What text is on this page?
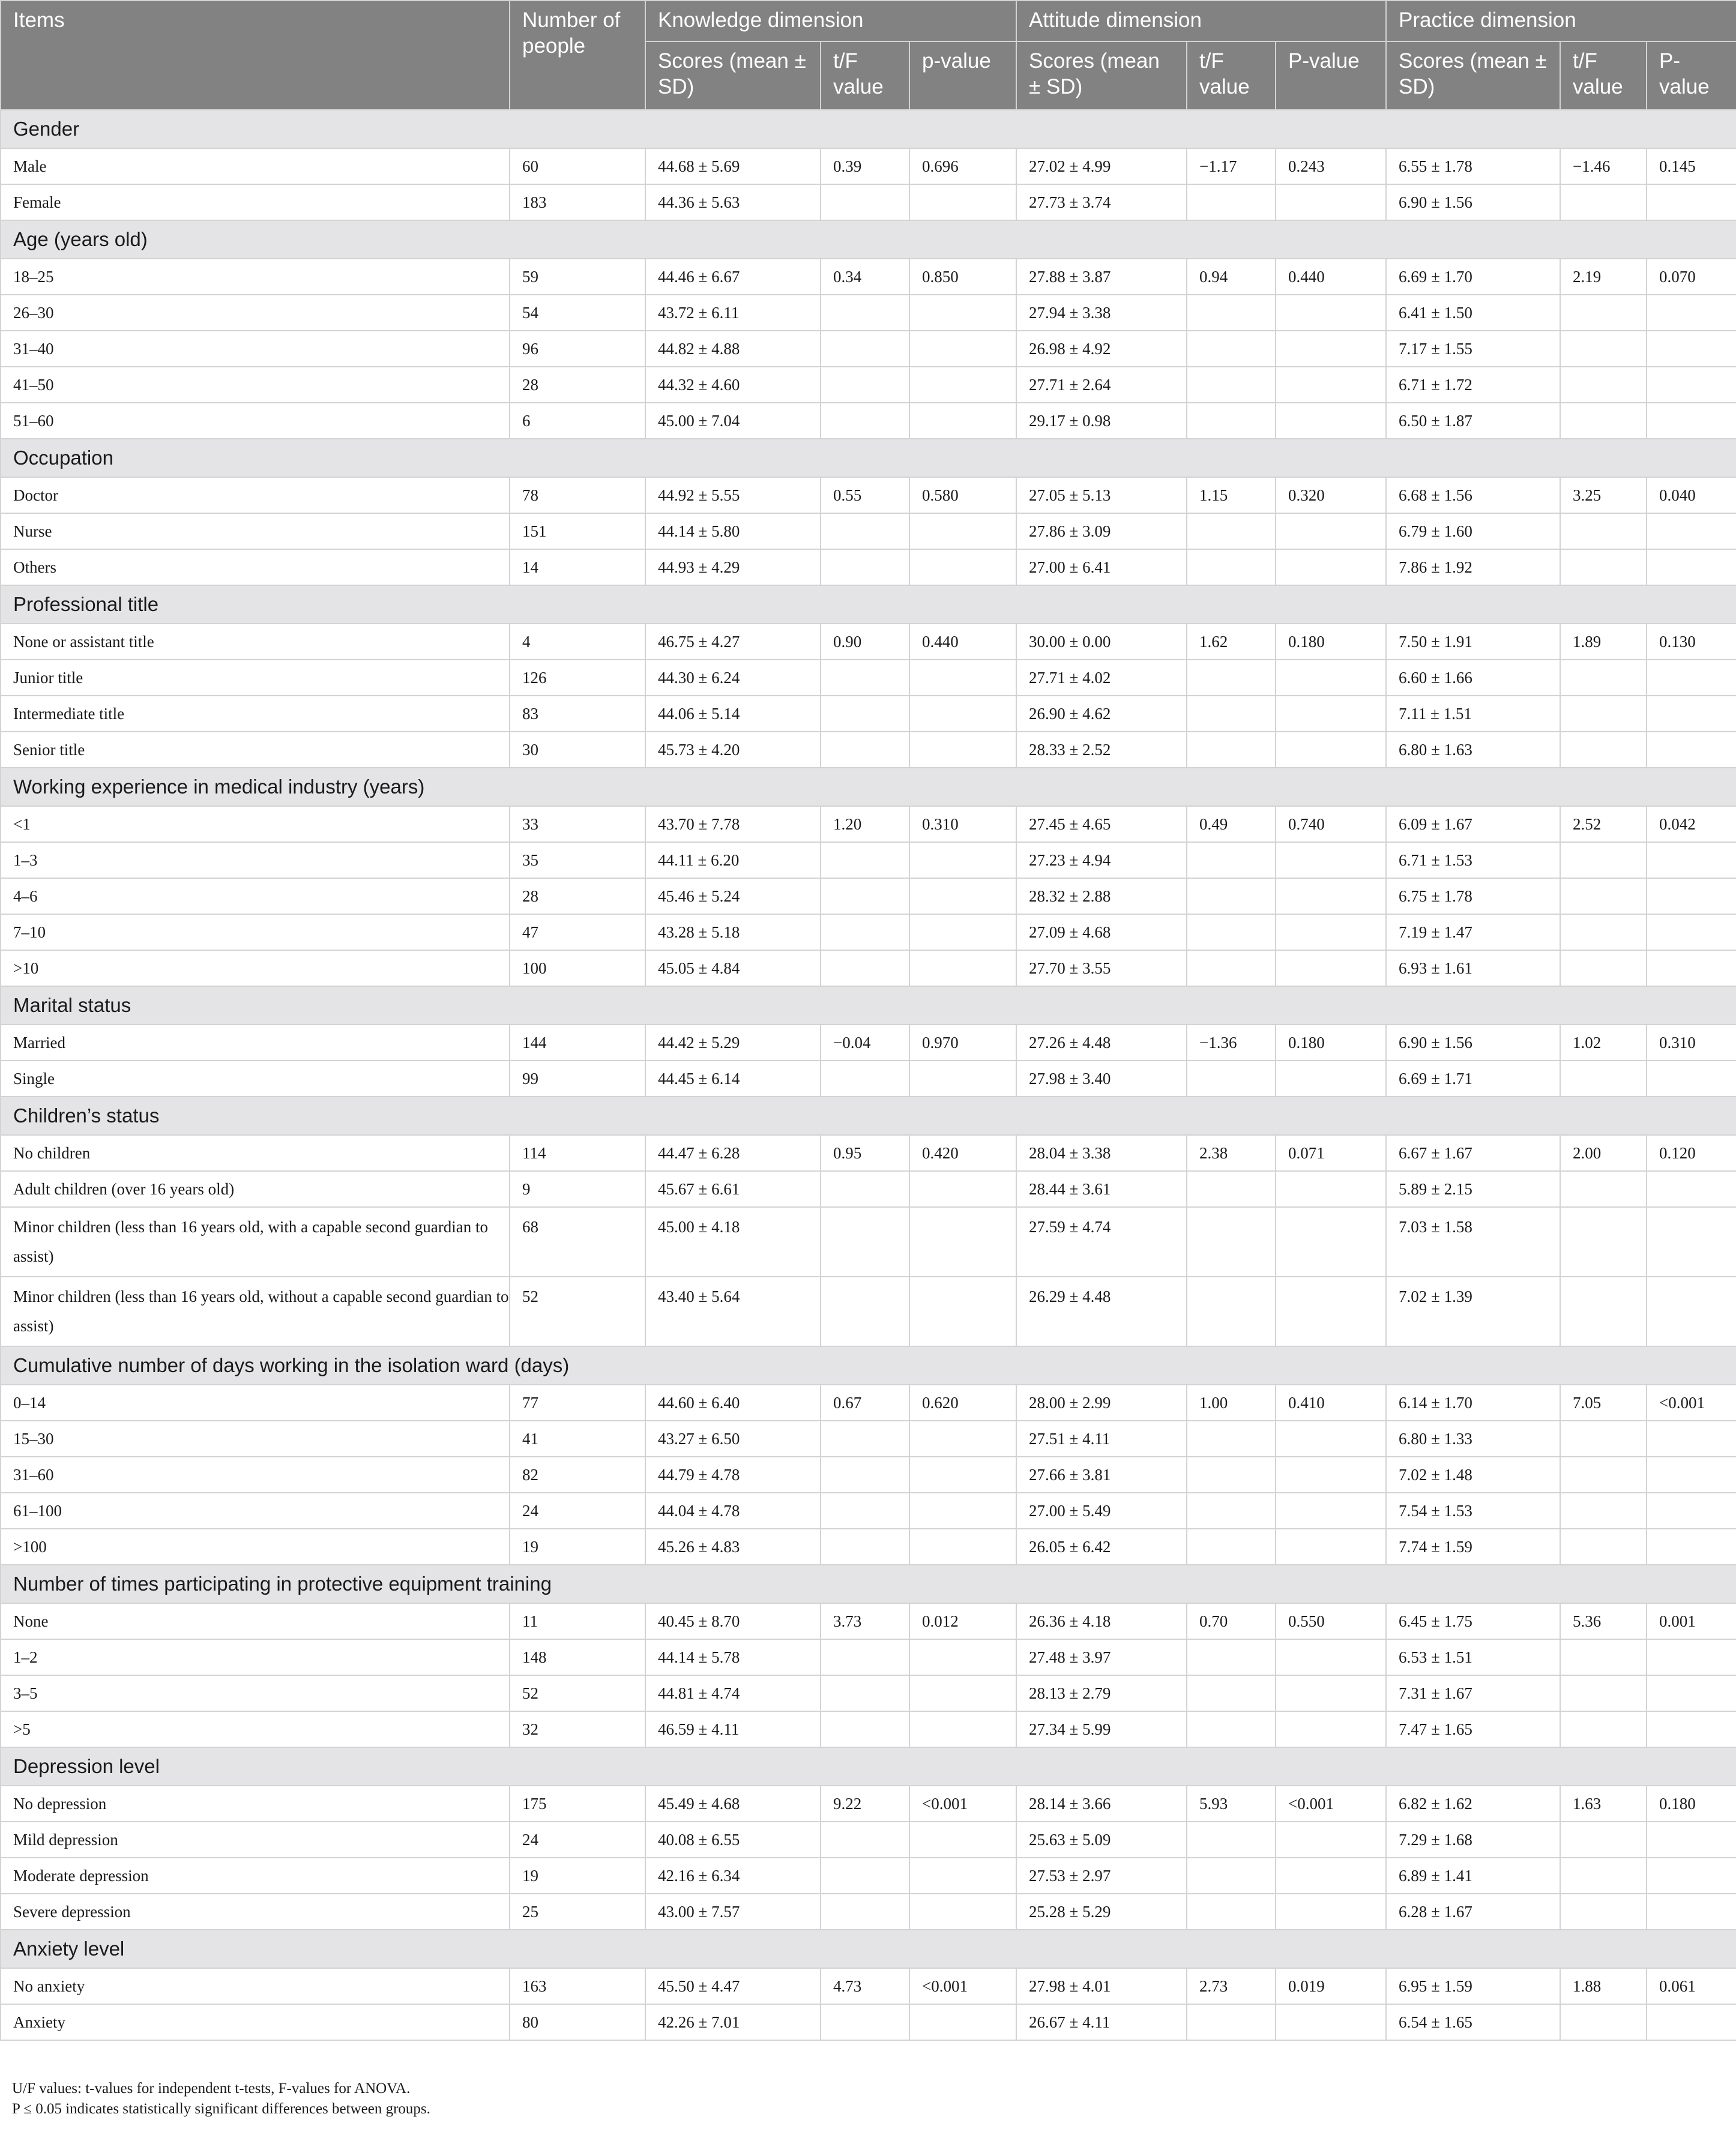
Items	Number of people	Knowledge dimension			Attitude dimension			Practice dimension		
		Scores (mean ± SD)	t/F value	p-value	Scores (mean ± SD)	t/F value	P-value	Scores (mean ± SD)	t/F value	P-value
Gender										
Male	60	44.68 ± 5.69	0.39	0.696	27.02 ± 4.99	−1.17	0.243	6.55 ± 1.78	−1.46	0.145
Female	183	44.36 ± 5.63			27.73 ± 3.74			6.90 ± 1.56		
Age (years old)										
18–25	59	44.46 ± 6.67	0.34	0.850	27.88 ± 3.87	0.94	0.440	6.69 ± 1.70	2.19	0.070
26–30	54	43.72 ± 6.11			27.94 ± 3.38			6.41 ± 1.50		
31–40	96	44.82 ± 4.88			26.98 ± 4.92			7.17 ± 1.55		
41–50	28	44.32 ± 4.60			27.71 ± 2.64			6.71 ± 1.72		
51–60	6	45.00 ± 7.04			29.17 ± 0.98			6.50 ± 1.87		
Occupation										
Doctor	78	44.92 ± 5.55	0.55	0.580	27.05 ± 5.13	1.15	0.320	6.68 ± 1.56	3.25	0.040
Nurse	151	44.14 ± 5.80			27.86 ± 3.09			6.79 ± 1.60		
Others	14	44.93 ± 4.29			27.00 ± 6.41			7.86 ± 1.92		
Professional title										
None or assistant title	4	46.75 ± 4.27	0.90	0.440	30.00 ± 0.00	1.62	0.180	7.50 ± 1.91	1.89	0.130
Junior title	126	44.30 ± 6.24			27.71 ± 4.02			6.60 ± 1.66		
Intermediate title	83	44.06 ± 5.14			26.90 ± 4.62			7.11 ± 1.51		
Senior title	30	45.73 ± 4.20			28.33 ± 2.52			6.80 ± 1.63		
Working experience in medical industry (years)										
<1	33	43.70 ± 7.78	1.20	0.310	27.45 ± 4.65	0.49	0.740	6.09 ± 1.67	2.52	0.042
1–3	35	44.11 ± 6.20			27.23 ± 4.94			6.71 ± 1.53		
4–6	28	45.46 ± 5.24			28.32 ± 2.88			6.75 ± 1.78		
7–10	47	43.28 ± 5.18			27.09 ± 4.68			7.19 ± 1.47		
>10	100	45.05 ± 4.84			27.70 ± 3.55			6.93 ± 1.61		
Marital status										
Married	144	44.42 ± 5.29	−0.04	0.970	27.26 ± 4.48	−1.36	0.180	6.90 ± 1.56	1.02	0.310
Single	99	44.45 ± 6.14			27.98 ± 3.40			6.69 ± 1.71		
Children’s status										
No children	114	44.47 ± 6.28	0.95	0.420	28.04 ± 3.38	2.38	0.071	6.67 ± 1.67	2.00	0.120
Adult children (over 16 years old)	9	45.67 ± 6.61			28.44 ± 3.61			5.89 ± 2.15		
Minor children (less than 16 years old, with a capable second guardian to assist)	68	45.00 ± 4.18			27.59 ± 4.74			7.03 ± 1.58		
Minor children (less than 16 years old, without a capable second guardian to assist)	52	43.40 ± 5.64			26.29 ± 4.48			7.02 ± 1.39		
Cumulative number of days working in the isolation ward (days)										
0–14	77	44.60 ± 6.40	0.67	0.620	28.00 ± 2.99	1.00	0.410	6.14 ± 1.70	7.05	<0.001
15–30	41	43.27 ± 6.50			27.51 ± 4.11			6.80 ± 1.33		
31–60	82	44.79 ± 4.78			27.66 ± 3.81			7.02 ± 1.48		
61–100	24	44.04 ± 4.78			27.00 ± 5.49			7.54 ± 1.53		
>100	19	45.26 ± 4.83			26.05 ± 6.42			7.74 ± 1.59		
Number of times participating in protective equipment training										
None	11	40.45 ± 8.70	3.73	0.012	26.36 ± 4.18	0.70	0.550	6.45 ± 1.75	5.36	0.001
1–2	148	44.14 ± 5.78			27.48 ± 3.97			6.53 ± 1.51		
3–5	52	44.81 ± 4.74			28.13 ± 2.79			7.31 ± 1.67		
>5	32	46.59 ± 4.11			27.34 ± 5.99			7.47 ± 1.65		
Depression level										
No depression	175	45.49 ± 4.68	9.22	<0.001	28.14 ± 3.66	5.93	<0.001	6.82 ± 1.62	1.63	0.180
Mild depression	24	40.08 ± 6.55			25.63 ± 5.09			7.29 ± 1.68		
Moderate depression	19	42.16 ± 6.34			27.53 ± 2.97			6.89 ± 1.41		
Severe depression	25	43.00 ± 7.57			25.28 ± 5.29			6.28 ± 1.67		
Anxiety level										
No anxiety	163	45.50 ± 4.47	4.73	<0.001	27.98 ± 4.01	2.73	0.019	6.95 ± 1.59	1.88	0.061
Anxiety	80	42.26 ± 7.01			26.67 ± 4.11			6.54 ± 1.65		
U/F values: t-values for independent t-tests, F-values for ANOVA.
P ≤ 0.05 indicates statistically significant differences between groups.
